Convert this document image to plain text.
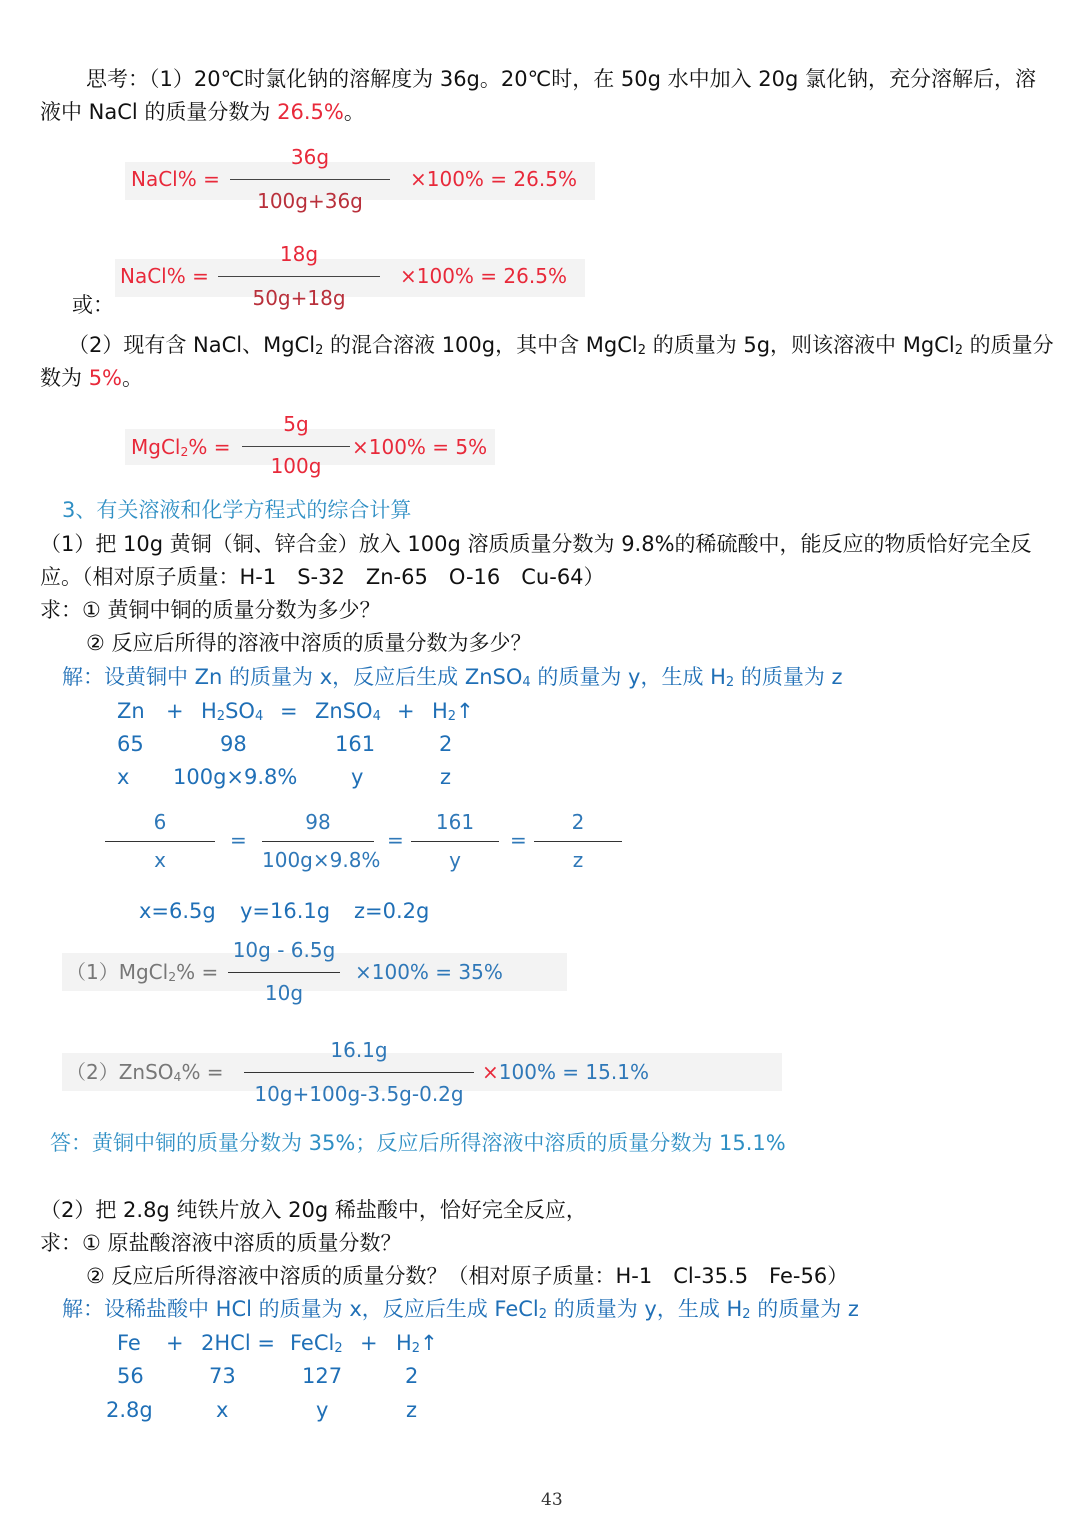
思考：（1）20℃时氯化钠的溶解度为 36g。20℃时，在 50g 水中加入 20g 氯化钠，充分溶解后，溶
液中 NaCl 的质量分数为 26.5%。
NaCl% =
36g
100g+36g
×100% = 26.5%
NaCl% =
18g
50g+18g
×100% = 26.5%
或：
（2）现有含 NaCl、MgCl$_2$ 的混合溶液 100g，其中含 MgCl$_2$ 的质量为 5g，则该溶液中 MgCl$_2$ 的质量分
数为 5%。
MgCl$_2$% =
5g
100g
×100% = 5%
3、有关溶液和化学方程式的综合计算
（1）把 10g 黄铜（铜、锌合金）放入 100g 溶质质量分数为 9.8%的稀硫酸中，能反应的物质恰好完全反
应。（相对原子质量：H-1　S-32　Zn-65　O-16　Cu-64）
求：① 黄铜中铜的质量分数为多少？
② 反应后所得的溶液中溶质的质量分数为多少？
解：设黄铜中 Zn 的质量为 x，反应后生成 ZnSO$_4$ 的质量为 y，生成 $H_2$ 的质量为 z
$Zn + H_2SO_4$ = ZnSO$_4$ + $H_2↑$
65	98	161	2
x 100g×9.8%	y	z
6
x
=
98
100g×9.8%
=
161
y
=
2
z
x=6.5g y=16.1g z=0.2g
（1）MgCl$_2$% =
10g - 6.5g
10g
×100% = 35%
（2）ZnSO$_4$% =
16.1g
10g+100g-3.5g-0.2g
×100% = 15.1%
答：黄铜中铜的质量分数为 35%；反应后所得溶液中溶质的质量分数为 15.1%
（2）把 2.8g 纯铁片放入 20g 稀盐酸中，恰好完全反应，
求：① 原盐酸溶液中溶质的质量分数？
② 反应后所得溶液中溶质的质量分数？（相对原子质量：H-1　Cl-35.5　Fe-56）
解：设稀盐酸中 HCl 的质量为 x，反应后生成 FeCl$_2$ 的质量为 y，生成 $H_2$ 的质量为 z
Fe + 2HCl = FeCl$_2$ + $H_2↑$
56	73	127	2
2.8g	x	y	z
43
